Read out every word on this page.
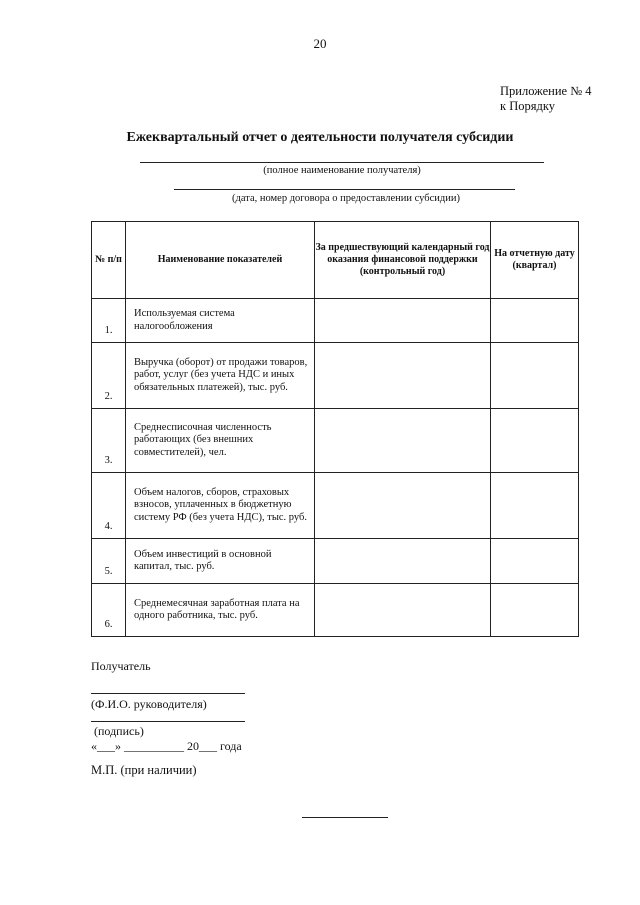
20
Приложение № 4
к Порядку
Ежеквартальный отчет о деятельности получателя субсидии
(полное наименование получателя)
(дата, номер договора о предоставлении субсидии)
№ п/п	Наименование показателей	За предшествующий календарный год оказания финансовой поддержки (контрольный год)	На отчетную дату (квартал)
1.	Используемая система налогообложения		
2.	Выручка (оборот) от продажи товаров, работ, услуг (без учета НДС и иных обязательных платежей), тыс. руб.		
3.	Среднесписочная численность работающих (без внешних совместителей), чел.		
4.	Объем налогов, сборов, страховых взносов, уплаченных в бюджетную систему РФ (без учета НДС), тыс. руб.		
5.	Объем инвестиций в основной капитал, тыс. руб.		
6.	Среднемесячная заработная плата на одного работника, тыс. руб.		
Получатель
(Ф.И.О. руководителя)
(подпись)
«___» __________ 20___ года
М.П. (при наличии)
